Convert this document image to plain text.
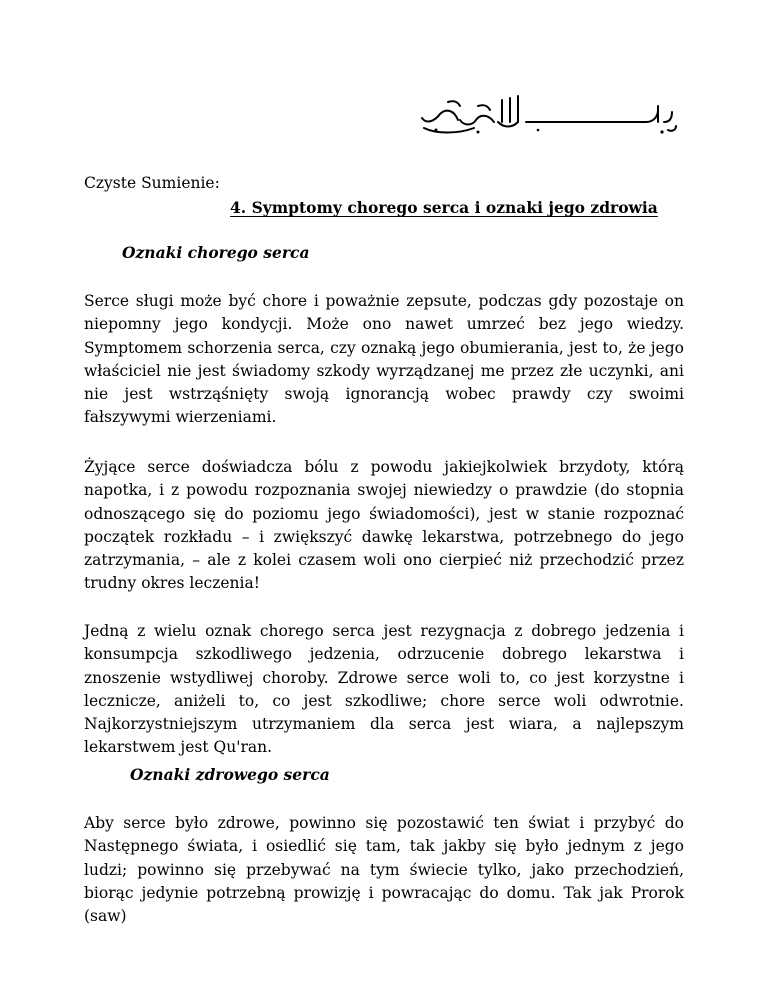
Czyste Sumienie:
4. Symptomy chorego serca i oznaki jego zdrowia
Oznaki chorego serca

Serce sługi może być chore i poważnie zepsute, podczas gdy pozostaje on niepomny jego kondycji. Może ono nawet umrzeć bez jego wiedzy. Symptomem schorzenia serca, czy oznaką jego obumierania, jest to, że jego właściciel nie jest świadomy szkody wyrządzanej me przez złe uczynki, ani nie jest wstrząśnięty swoją ignorancją wobec prawdy czy swoimi fałszywymi wierzeniami.

Żyjące serce doświadcza bólu z powodu jakiejkolwiek brzydoty, którą napotka, i z powodu rozpoznania swojej niewiedzy o prawdzie (do stopnia odnoszącego się do poziomu jego świadomości), jest w stanie rozpoznać początek rozkładu – i zwiększyć dawkę lekarstwa, potrzebnego do jego zatrzymania, – ale z kolei czasem woli ono cierpieć niż przechodzić przez trudny okres leczenia!

Jedną z wielu oznak chorego serca jest rezygnacja z dobrego jedzenia i konsumpcja szkodliwego jedzenia, odrzucenie dobrego lekarstwa i znoszenie wstydliwej choroby. Zdrowe serce woli to, co jest korzystne i lecznicze, aniżeli to, co jest szkodliwe; chore serce woli odwrotnie. Najkorzystniejszym utrzymaniem dla serca jest wiara, a najlepszym lekarstwem jest Qu'ran.

Oznaki zdrowego serca

Aby serce było zdrowe, powinno się pozostawić ten świat i przybyć do Następnego świata, i osiedlić się tam, tak jakby się było jednym z jego ludzi; powinno się przebywać na tym świecie tylko, jako przechodzień, biorąc jedynie potrzebną prowizję i powracając do domu. Tak jak Prorok (saw)
